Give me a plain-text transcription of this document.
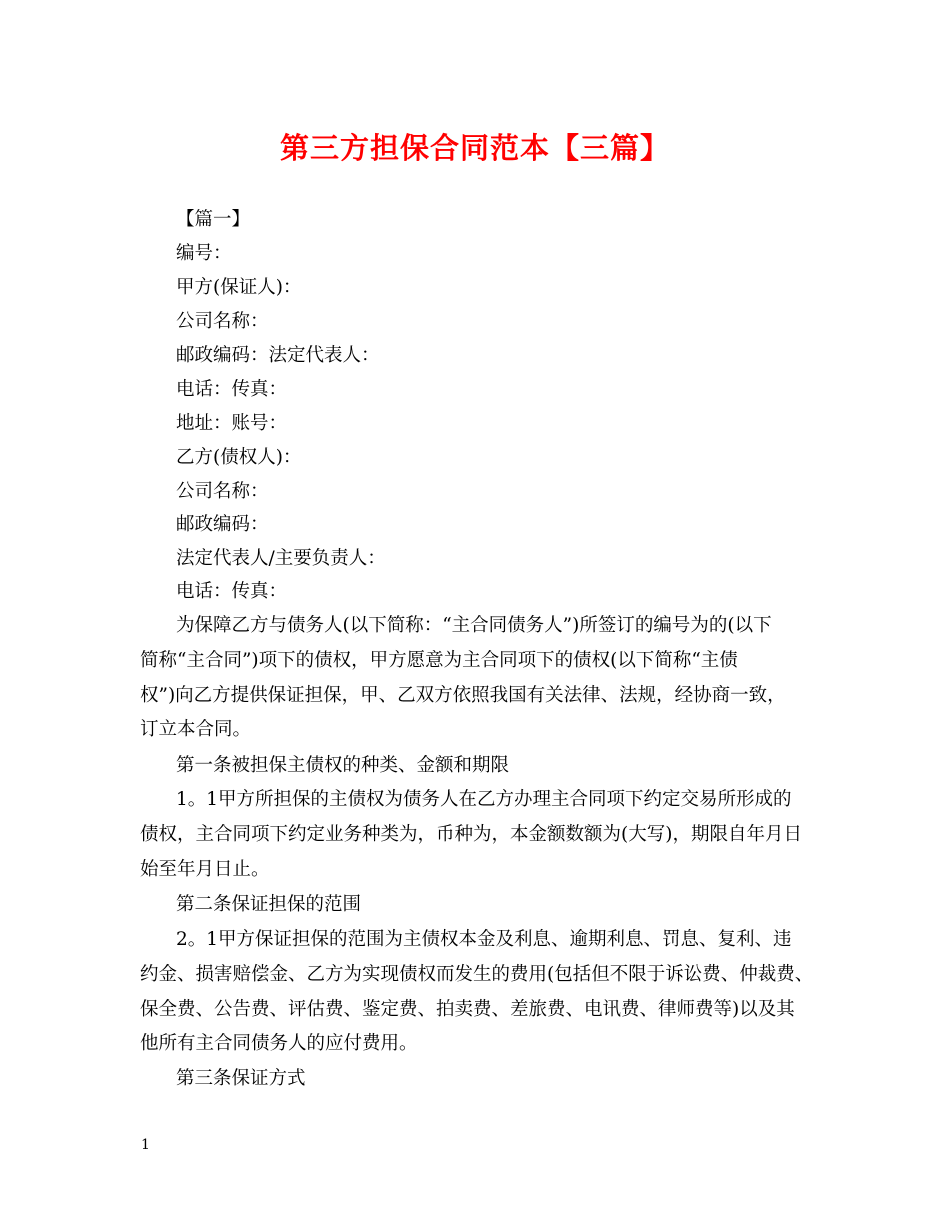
第三方担保合同范本【三篇】
【篇一】
编号：
甲方(保证人)：
公司名称：
邮政编码：法定代表人：
电话：传真：
地址：账号：
乙方(债权人)：
公司名称：
邮政编码：
法定代表人/主要负责人：
电话：传真：
为保障乙方与债务人(以下简称：“主合同债务人”)所签订的编号为的(以下
简称“主合同”)项下的债权，甲方愿意为主合同项下的债权(以下简称“主债
权”)向乙方提供保证担保，甲、乙双方依照我国有关法律、法规，经协商一致，
订立本合同。
第一条被担保主债权的种类、金额和期限
1。1甲方所担保的主债权为债务人在乙方办理主合同项下约定交易所形成的
债权，主合同项下约定业务种类为，币种为，本金额数额为(大写)，期限自年月日
始至年月日止。
第二条保证担保的范围
2。1甲方保证担保的范围为主债权本金及利息、逾期利息、罚息、复利、违
约金、损害赔偿金、乙方为实现债权而发生的费用(包括但不限于诉讼费、仲裁费、
保全费、公告费、评估费、鉴定费、拍卖费、差旅费、电讯费、律师费等)以及其
他所有主合同债务人的应付费用。
第三条保证方式
1
